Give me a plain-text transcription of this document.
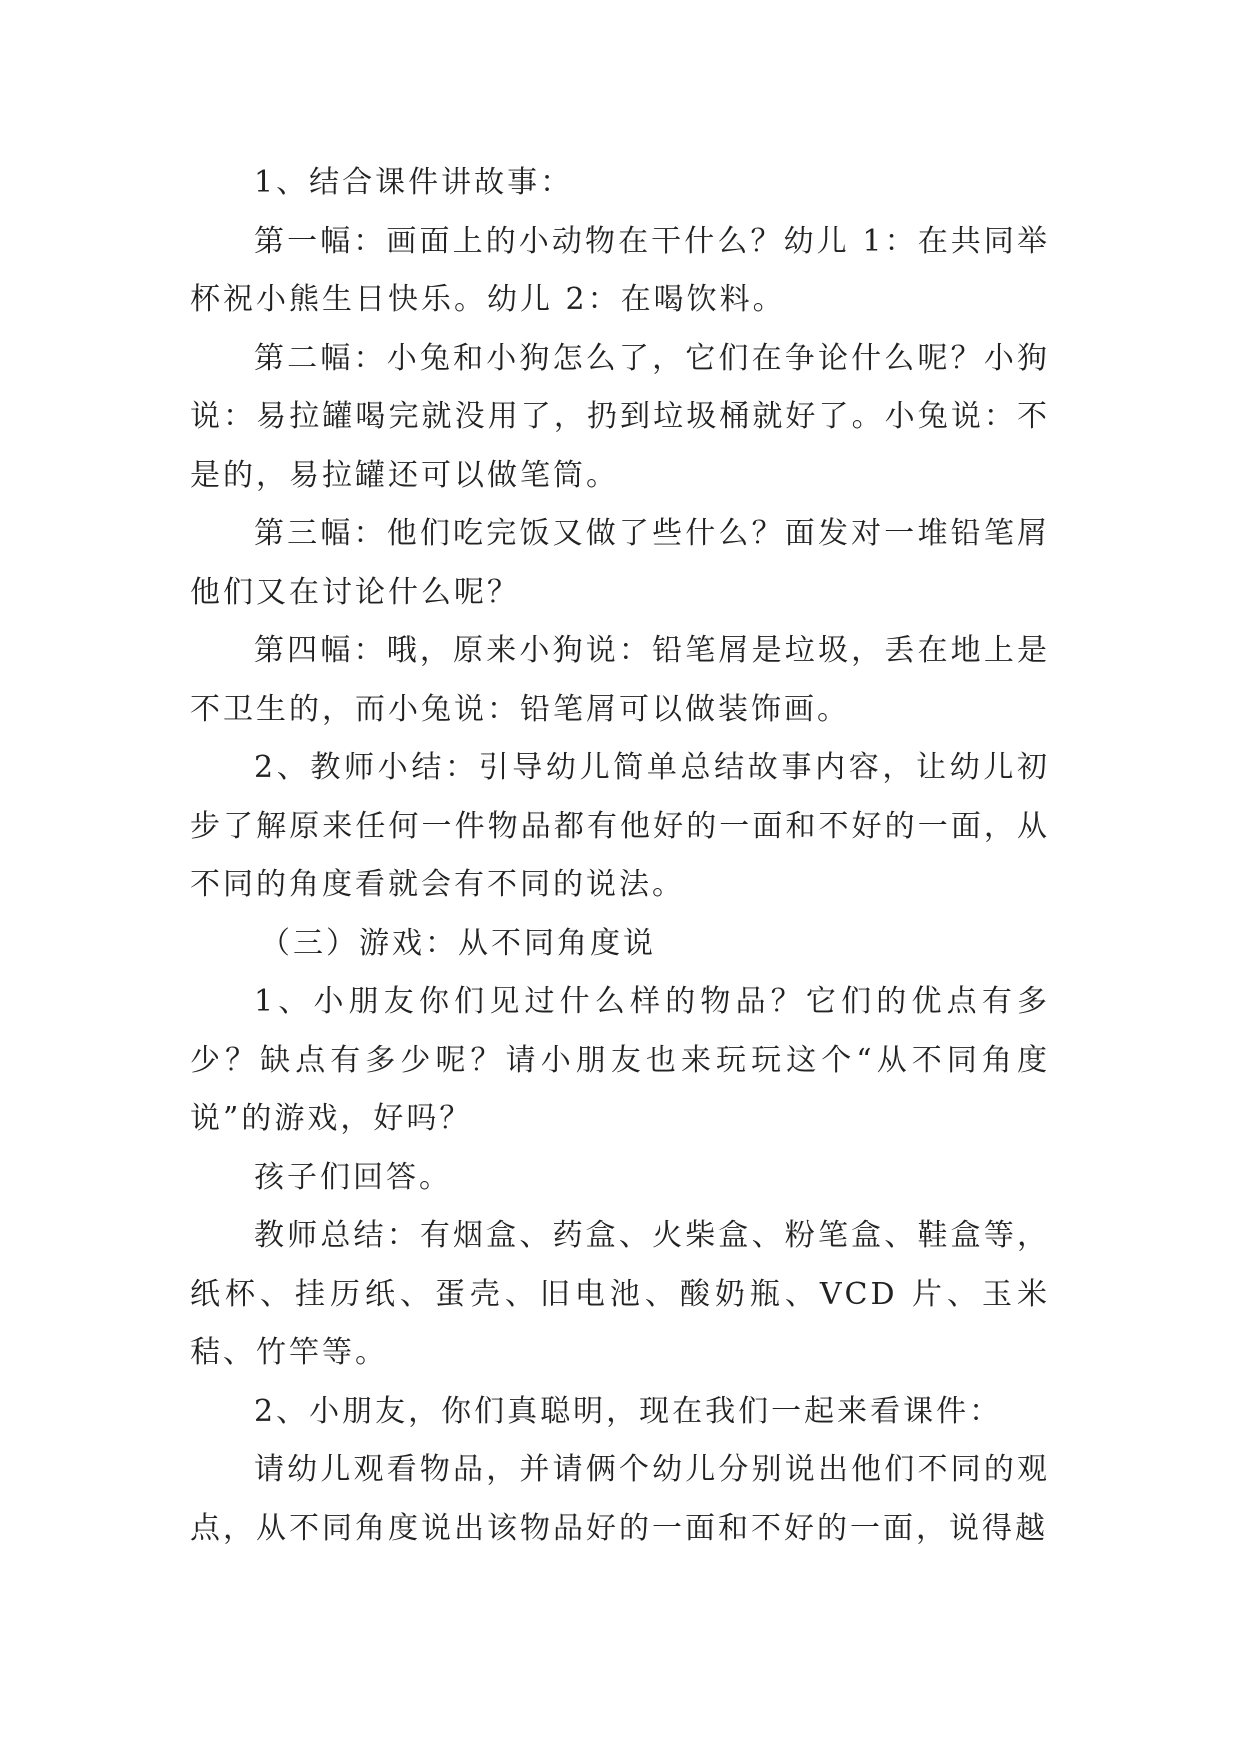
1、结合课件讲故事：

第一幅：画面上的小动物在干什么？幼儿 1：在共同举杯祝小熊生日快乐。幼儿 2：在喝饮料。

第二幅：小兔和小狗怎么了，它们在争论什么呢？小狗说：易拉罐喝完就没用了，扔到垃圾桶就好了。小兔说：不是的，易拉罐还可以做笔筒。

第三幅：他们吃完饭又做了些什么？面发对一堆铅笔屑他们又在讨论什么呢？

第四幅：哦，原来小狗说：铅笔屑是垃圾，丢在地上是不卫生的，而小兔说：铅笔屑可以做装饰画。

2、教师小结：引导幼儿简单总结故事内容，让幼儿初步了解原来任何一件物品都有他好的一面和不好的一面，从不同的角度看就会有不同的说法。

（三）游戏：从不同角度说

1、小朋友你们见过什么样的物品？它们的优点有多少？缺点有多少呢？请小朋友也来玩玩这个“从不同角度说”的游戏，好吗？

孩子们回答。

教师总结：有烟盒、药盒、火柴盒、粉笔盒、鞋盒等，纸杯、挂历纸、蛋壳、旧电池、酸奶瓶、VCD 片、玉米秸、竹竿等。

2、小朋友，你们真聪明，现在我们一起来看课件：

请幼儿观看物品，并请俩个幼儿分别说出他们不同的观点，从不同角度说出该物品好的一面和不好的一面，说得越
